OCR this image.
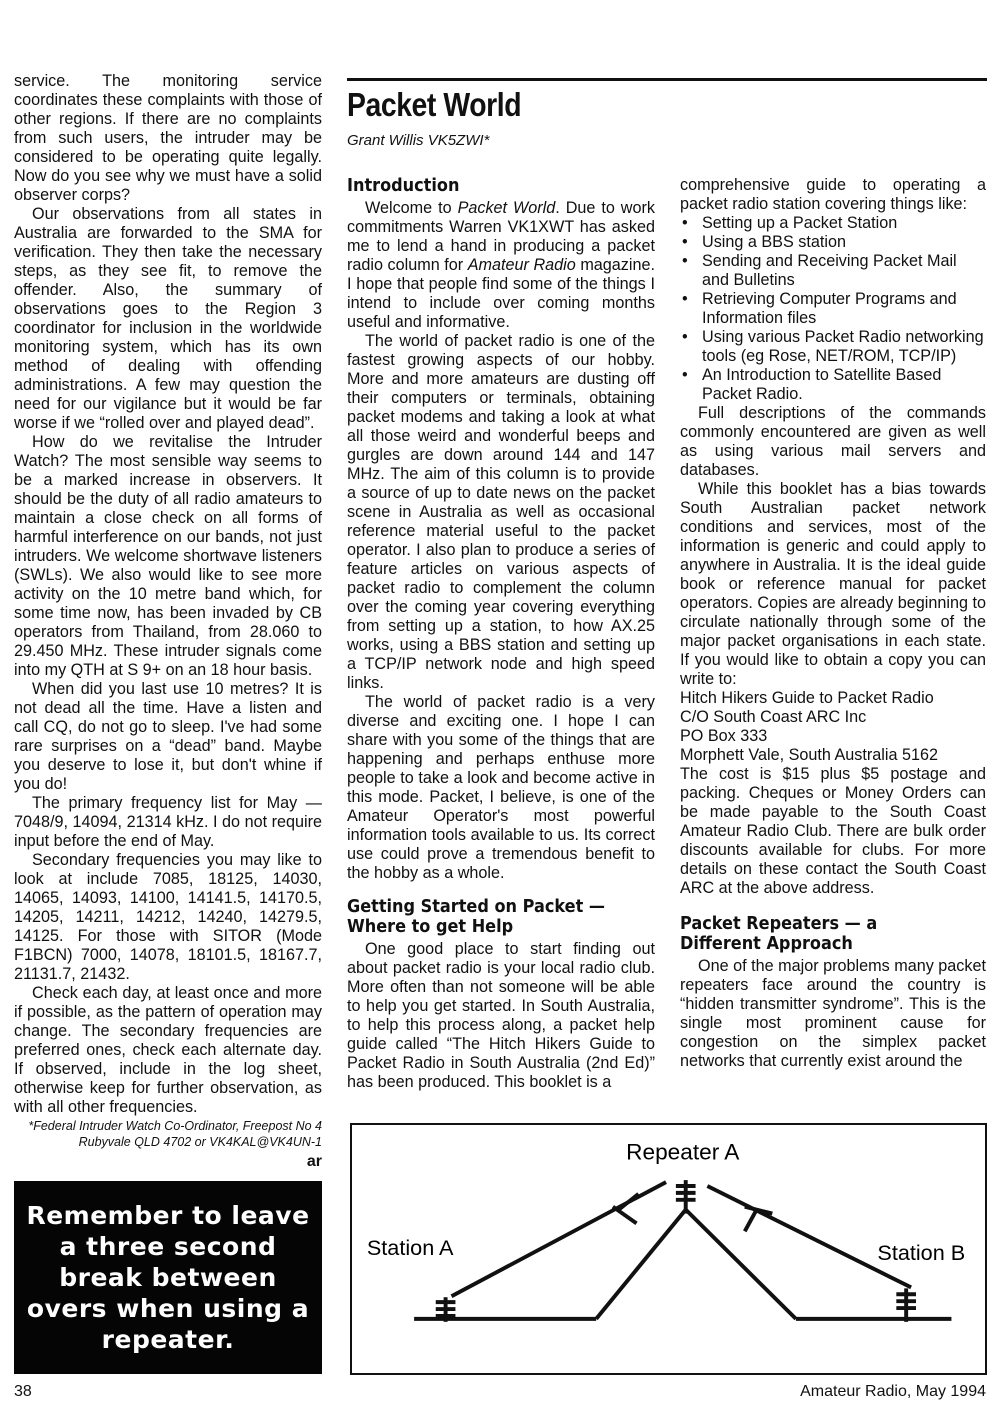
service. The monitoring service coordinates these complaints with those of other regions. If there are no complaints from such users, the intruder may be considered to be operating quite legally. Now do you see why we must have a solid observer corps?

Our observations from all states in Australia are forwarded to the SMA for verification. They then take the necessary steps, as they see fit, to remove the offender. Also, the summary of observations goes to the Region 3 coordinator for inclusion in the worldwide monitoring system, which has its own method of dealing with offending administrations. A few may question the need for our vigilance but it would be far worse if we “rolled over and played dead”.

How do we revitalise the Intruder Watch? The most sensible way seems to be a marked increase in observers. It should be the duty of all radio amateurs to maintain a close check on all forms of harmful interference on our bands, not just intruders. We welcome shortwave listeners (SWLs). We also would like to see more activity on the 10 metre band which, for some time now, has been invaded by CB operators from Thailand, from 28.060 to 29.450 MHz. These intruder signals come into my QTH at S 9+ on an 18 hour basis.

When did you last use 10 metres? It is not dead all the time. Have a listen and call CQ, do not go to sleep. I've had some rare surprises on a “dead” band. Maybe you deserve to lose it, but don't whine if you do!

The primary frequency list for May — 7048/9, 14094, 21314 kHz. I do not require input before the end of May.

Secondary frequencies you may like to look at include 7085, 18125, 14030, 14065, 14093, 14100, 14141.5, 14170.5, 14205, 14211, 14212, 14240, 14279.5, 14125. For those with SITOR (Mode F1BCN) 7000, 14078, 18101.5, 18167.7, 21131.7, 21432.

Check each day, at least once and more if possible, as the pattern of operation may change. The secondary frequencies are preferred ones, check each alternate day. If observed, include in the log sheet, otherwise keep for further observation, as with all other frequencies.

*Federal Intruder Watch Co-Ordinator, Freepost No 4
Rubyvale QLD 4702 or VK4KAL@VK4UN-1
ar
Remember to leave a three second break between overs when using a repeater.
Packet World
Grant Willis VK5ZWI*
Introduction

Welcome to Packet World. Due to work commitments Warren VK1XWT has asked me to lend a hand in producing a packet radio column for Amateur Radio magazine. I hope that people find some of the things I intend to include over coming months useful and informative.

The world of packet radio is one of the fastest growing aspects of our hobby. More and more amateurs are dusting off their computers or terminals, obtaining packet modems and taking a look at what all those weird and wonderful beeps and gurgles are down around 144 and 147 MHz. The aim of this column is to provide a source of up to date news on the packet scene in Australia as well as occasional reference material useful to the packet operator. I also plan to produce a series of feature articles on various aspects of packet radio to complement the column over the coming year covering everything from setting up a station, to how AX.25 works, using a BBS station and setting up a TCP/IP network node and high speed links.

The world of packet radio is a very diverse and exciting one. I hope I can share with you some of the things that are happening and perhaps enthuse more people to take a look and become active in this mode. Packet, I believe, is one of the Amateur Operator's most powerful information tools available to us. Its correct use could prove a tremendous benefit to the hobby as a whole.

Getting Started on Packet — Where to get Help

One good place to start finding out about packet radio is your local radio club. More often than not someone will be able to help you get started. In South Australia, to help this process along, a packet help guide called “The Hitch Hikers Guide to Packet Radio in South Australia (2nd Ed)” has been produced. This booklet is a

comprehensive guide to operating a packet radio station covering things like:

• Setting up a Packet Station
• Using a BBS station
• Sending and Receiving Packet Mail and Bulletins
• Retrieving Computer Programs and Information files
• Using various Packet Radio networking tools (eg Rose, NET/ROM, TCP/IP)
• An Introduction to Satellite Based Packet Radio.

Full descriptions of the commands commonly encountered are given as well as using various mail servers and databases.

While this booklet has a bias towards South Australian packet network conditions and services, most of the information is generic and could apply to anywhere in Australia. It is the ideal guide book or reference manual for packet operators. Copies are already beginning to circulate nationally through some of the major packet organisations in each state. If you would like to obtain a copy you can write to:

Hitch Hikers Guide to Packet Radio

C/O South Coast ARC Inc

PO Box 333

Morphett Vale, South Australia 5162

The cost is $15 plus $5 postage and packing. Cheques or Money Orders can be made payable to the South Coast Amateur Radio Club. There are bulk order discounts available for clubs. For more details on these contact the South Coast ARC at the above address.

Packet Repeaters — a Different Approach

One of the major problems many packet repeaters face around the country is “hidden transmitter syndrome”. This is the single most prominent cause for congestion on the simplex packet networks that currently exist around the

Repeater A
Station A	Station B
38	Amateur Radio, May 1994
